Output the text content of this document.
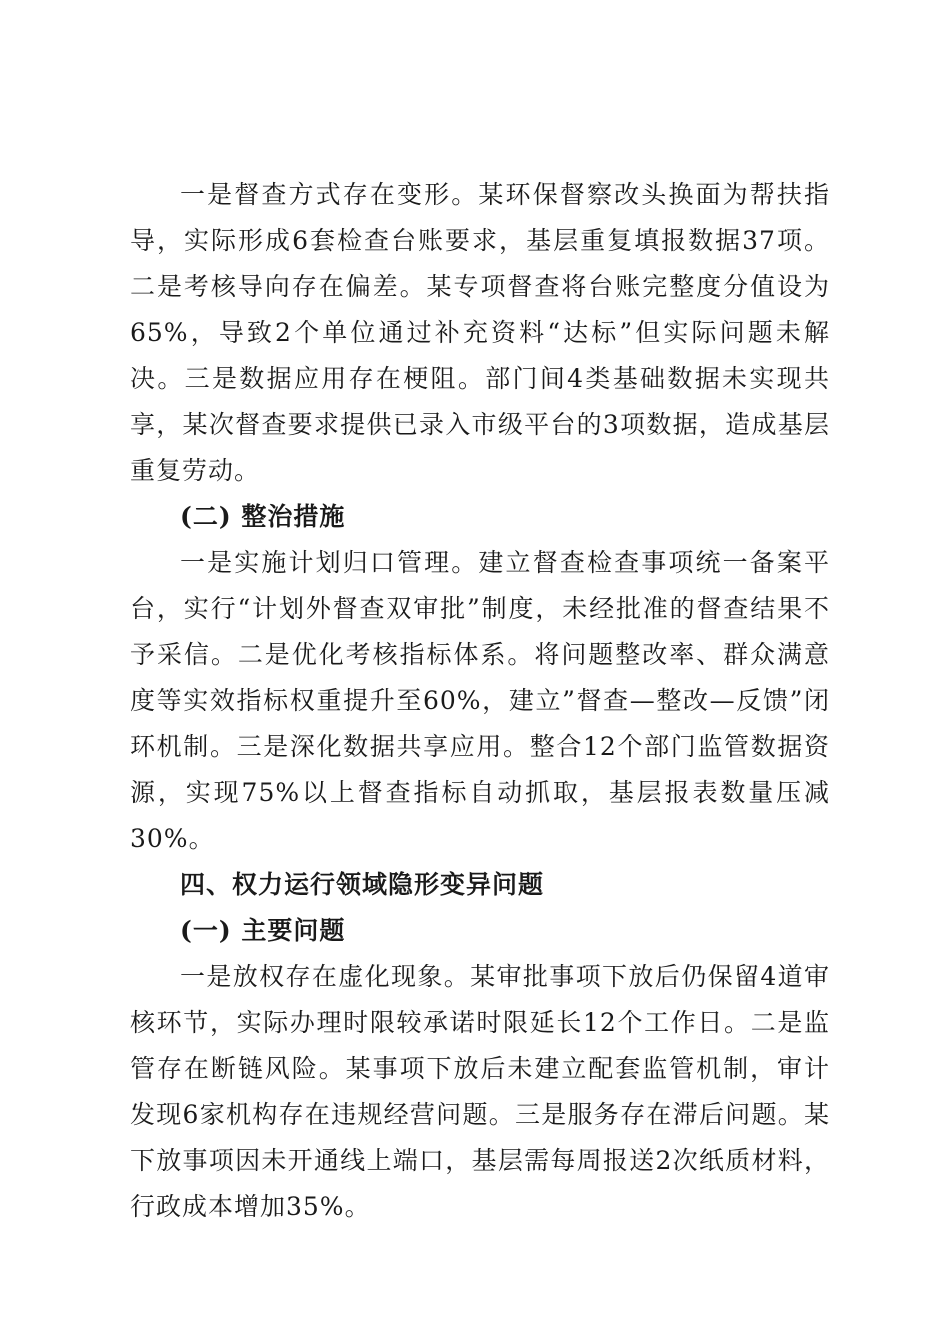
一是督查方式存在变形。某环保督察改头换面为帮扶指导，实际形成6套检查台账要求，基层重复填报数据37项。二是考核导向存在偏差。某专项督查将台账完整度分值设为65%，导致2个单位通过补充资料“达标”但实际问题未解决。三是数据应用存在梗阻。部门间4类基础数据未实现共享，某次督查要求提供已录入市级平台的3项数据，造成基层重复劳动。

(二) 整治措施

一是实施计划归口管理。建立督查检查事项统一备案平台，实行“计划外督查双审批”制度，未经批准的督查结果不予采信。二是优化考核指标体系。将问题整改率、群众满意度等实效指标权重提升至60%，建立”督查—整改—反馈”闭环机制。三是深化数据共享应用。整合12个部门监管数据资源，实现75%以上督查指标自动抓取，基层报表数量压减30%。

四、权力运行领域隐形变异问题

(一) 主要问题

一是放权存在虚化现象。某审批事项下放后仍保留4道审核环节，实际办理时限较承诺时限延长12个工作日。二是监管存在断链风险。某事项下放后未建立配套监管机制，审计发现6家机构存在违规经营问题。三是服务存在滞后问题。某下放事项因未开通线上端口，基层需每周报送2次纸质材料，行政成本增加35%。
